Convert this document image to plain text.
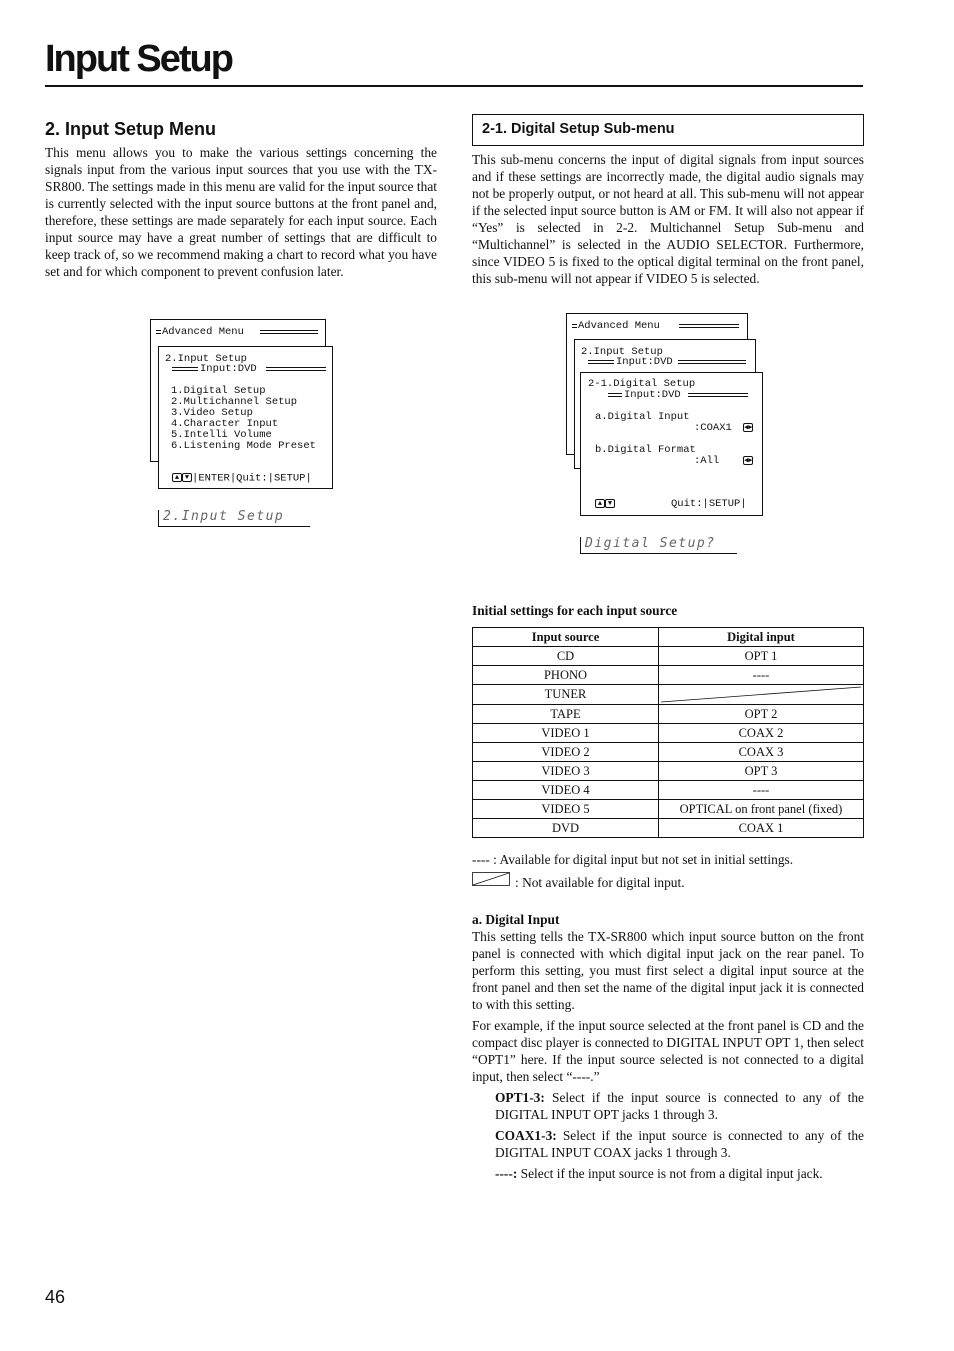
Input Setup
2. Input Setup Menu
This menu allows you to make the various settings concerning the signals input from the various input sources that you use with the TX-SR800. The settings made in this menu are valid for the input source that is currently selected with the input source buttons at the front panel and, therefore, these settings are made separately for each input source. Each input source may have a great number of settings that are difficult to keep track of, so we recommend making a chart to record what you have set and for which component to prevent confusion later.
Advanced Menu
2.Input Setup
Input:DVD
1.Digital Setup
2.Multichannel Setup
3.Video Setup
4.Character Input
5.Intelli Volume
6.Listening Mode Preset
▲ ▼ |ENTER|Quit:|SETUP|
2.Input Setup
2-1. Digital Setup Sub-menu
This sub-menu concerns the input of digital signals from input sources and if these settings are incorrectly made, the digital audio signals may not be properly output, or not heard at all. This sub-menu will not appear if the selected input source button is AM or FM. It will also not appear if “Yes” is selected in 2-2. Multichannel Setup Sub-menu and “Multichannel” is selected in the AUDIO SELECTOR. Furthermore, since VIDEO 5 is fixed to the optical digital terminal on the front panel, this sub-menu will not appear if VIDEO 5 is selected.
Advanced Menu
2.Input Setup
Input:DVD
2-1.Digital Setup
Input:DVD
a.Digital Input
:COAX1 ◀▶
b.Digital Format
:All	◀▶
▲ ▼	Quit:|SETUP|
Digital Setup?
Initial settings for each input source
Input source	Digital input
CD	OPT 1
PHONO	----
TUNER	

TAPE	OPT 2
VIDEO 1	COAX 2
VIDEO 2	COAX 3
VIDEO 3	OPT 3
VIDEO 4	----
VIDEO 5	OPTICAL on front panel (fixed)
DVD	COAX 1
---- : Available for digital input but not set in initial settings.
: Not available for digital input.
a. Digital Input
This setting tells the TX-SR800 which input source button on the front panel is connected with which digital input jack on the rear panel. To perform this setting, you must first select a digital input source at the front panel and then set the name of the digital input jack it is connected to with this setting.
For example, if the input source selected at the front panel is CD and the compact disc player is connected to DIGITAL INPUT OPT 1, then select “OPT1” here. If the input source selected is not connected to a digital input, then select “----.”
OPT1-3: Select if the input source is connected to any of the DIGITAL INPUT OPT jacks 1 through 3.
COAX1-3: Select if the input source is connected to any of the DIGITAL INPUT COAX jacks 1 through 3.
----: Select if the input source is not from a digital input jack.
46
